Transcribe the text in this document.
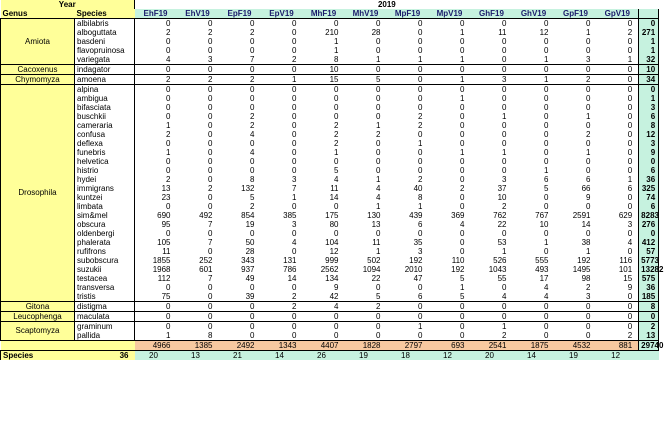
Year		2019												
Genus	Species	EhF19	EhV19	EpF19	EpV19	MhF19	MhV19	MpF19	MpV19	GhF19	GhV19	GpF19	GpV19	
Amiota	albilabris	0	0	0	0	0	0	0	0	0	0	0	0	0
	alboguttata	2	2	2	0	210	28	0	1	11	12	1	2	271
	basdeni	0	0	0	0	1	0	0	0	0	0	0	0	1
	flavopruinosa	0	0	0	0	1	0	0	0	0	0	0	0	1
	variegata	4	3	7	2	8	1	1	1	0	1	3	1	32
Cacoxenus	indagator	0	0	0	0	10	0	0	0	0	0	0	0	10
Chymomyza	amoena	2	2	2	1	15	5	0	1	3	1	2	0	34
Drosophila	alpina	0	0	0	0	0	0	0	0	0	0	0	0	0
	ambigua	0	0	0	0	0	0	0	1	0	0	0	0	1
	bifasciata	0	0	0	0	0	0	0	0	0	0	0	0	3
	buschkii	0	0	2	0	0	0	2	0	1	0	1	0	6
	cameraria	1	0	2	0	2	1	2	0	0	0	0	0	8
	confusa	2	0	4	0	2	2	0	0	0	0	2	0	12
	deflexa	0	0	0	0	2	0	1	0	0	0	0	0	3
	funebris	1	0	4	0	1	0	0	1	1	0	1	0	9
	helvetica	0	0	0	0	0	0	0	0	0	0	0	0	0
	histrio	0	0	0	0	5	0	0	0	0	1	0	0	6
	hydei	2	0	8	3	4	1	2	0	3	6	6	1	36
	immigrans	13	2	132	7	11	4	40	2	37	5	66	6	325
	kuntzei	23	0	5	1	14	4	8	0	10	0	9	0	74
	limbata	0	0	2	0	0	1	1	0	2	0	0	0	6
	sim&mel	690	492	854	385	175	130	439	369	762	767	2591	629	8283
	obscura	95	7	19	3	80	13	6	4	22	10	14	3	276
	oldenbergi	0	0	0	0	0	0	0	0	0	0	0	0	0
	phalerata	105	7	50	4	104	11	35	0	53	1	38	4	412
	rufifrons	11	0	28	0	12	1	3	0	1	0	1	0	57
	subobscura	1855	252	343	131	999	502	192	110	526	555	192	116	5773
	suzukii	1968	601	937	786	2562	1094	2010	192	1043	493	1495	101	13282
	testacea	112	7	49	14	134	22	47	5	55	17	98	15	575
	transversa	0	0	0	0	9	0	0	1	0	4	2	9	36
	tristis	75	0	39	2	42	5	6	5	4	4	3	0	185
Gitona	distigma	0	0	0	2	4	2	0	0	0	0	0	0	8
Leucophenga	maculata	0	0	0	0	0	0	0	0	0	0	0	0	0
Scaptomyza	graminum	0	0	0	0	0	0	1	0	1	0	0	0	2
	pallida	1	8	0	0	0	0	0	0	2	0	0	2	13
		4966	1385	2492	1343	4407	1828	2797	693	2541	1875	4532	881	29740
Species	36	20	13	21	14	26	19	18	12	20	14	19	12	
